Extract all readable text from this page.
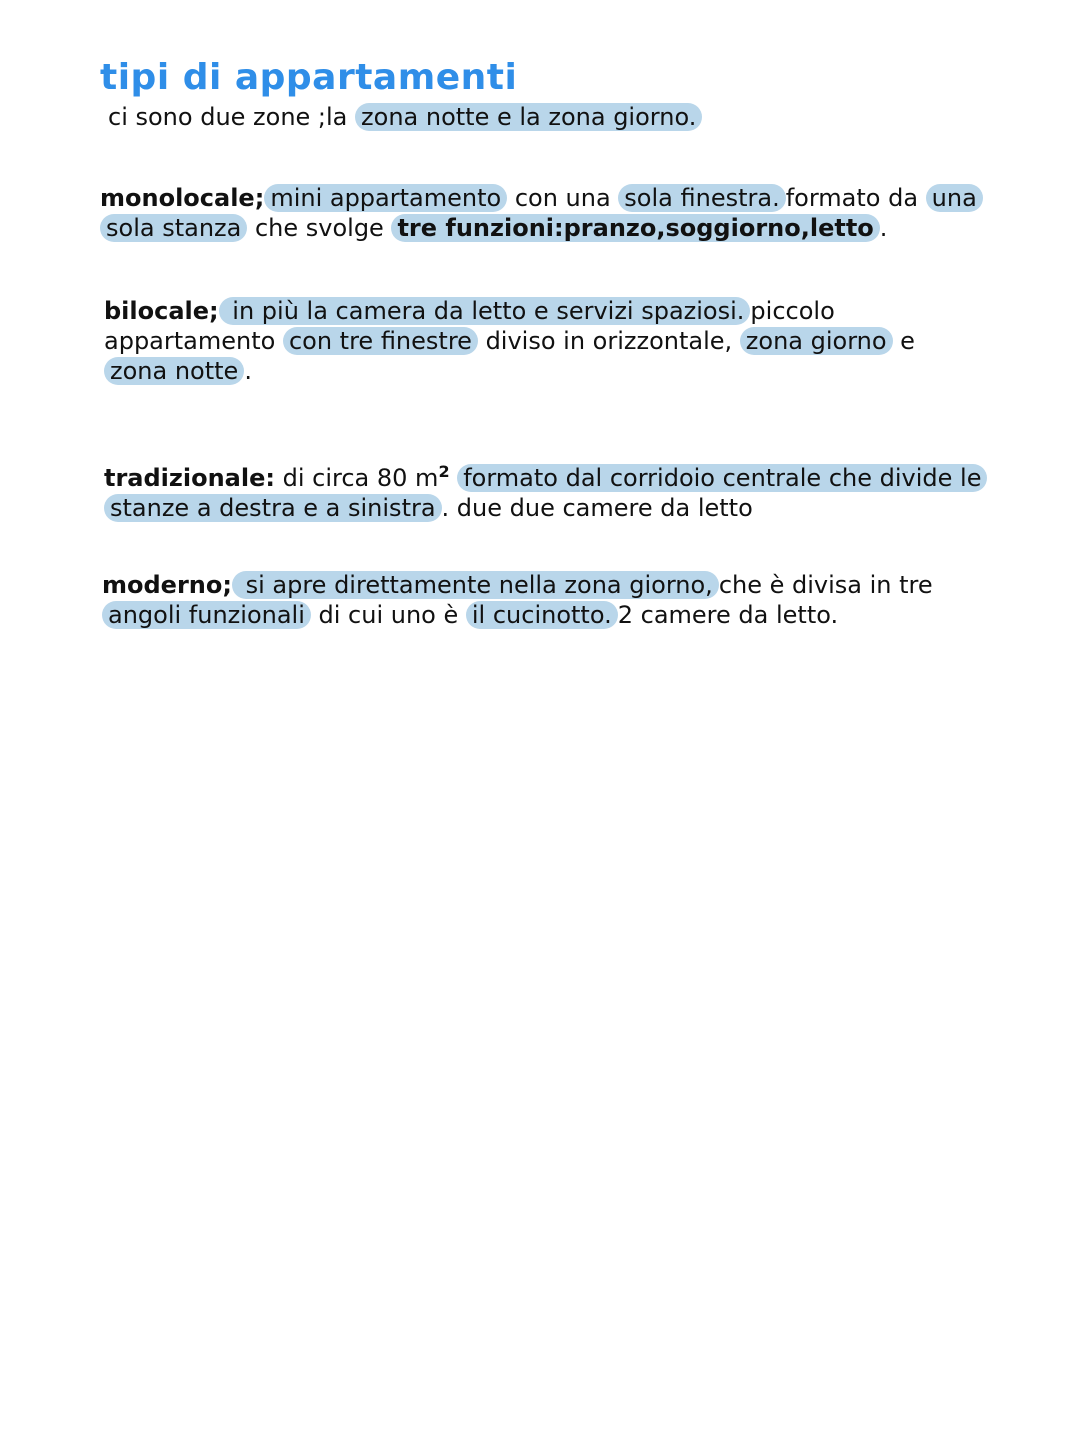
tipi di appartamenti

ci sono due zone ;la zona notte e la zona giorno.

monolocale; mini appartamento con una sola finestra. formato da una sola stanza che svolge tre funzioni:pranzo,soggiorno,letto .

bilocale; in più la camera da letto e servizi spaziosi. piccolo appartamento con tre finestre diviso in orizzontale, zona giorno e zona notte .

tradizionale: di circa 80 $m^2$ formato dal corridoio centrale che divide le stanze a destra e a sinistra . due due camere da letto

moderno; si apre direttamente nella zona giorno, che è divisa in tre angoli funzionali di cui uno è il cucinotto. 2 camere da letto.
